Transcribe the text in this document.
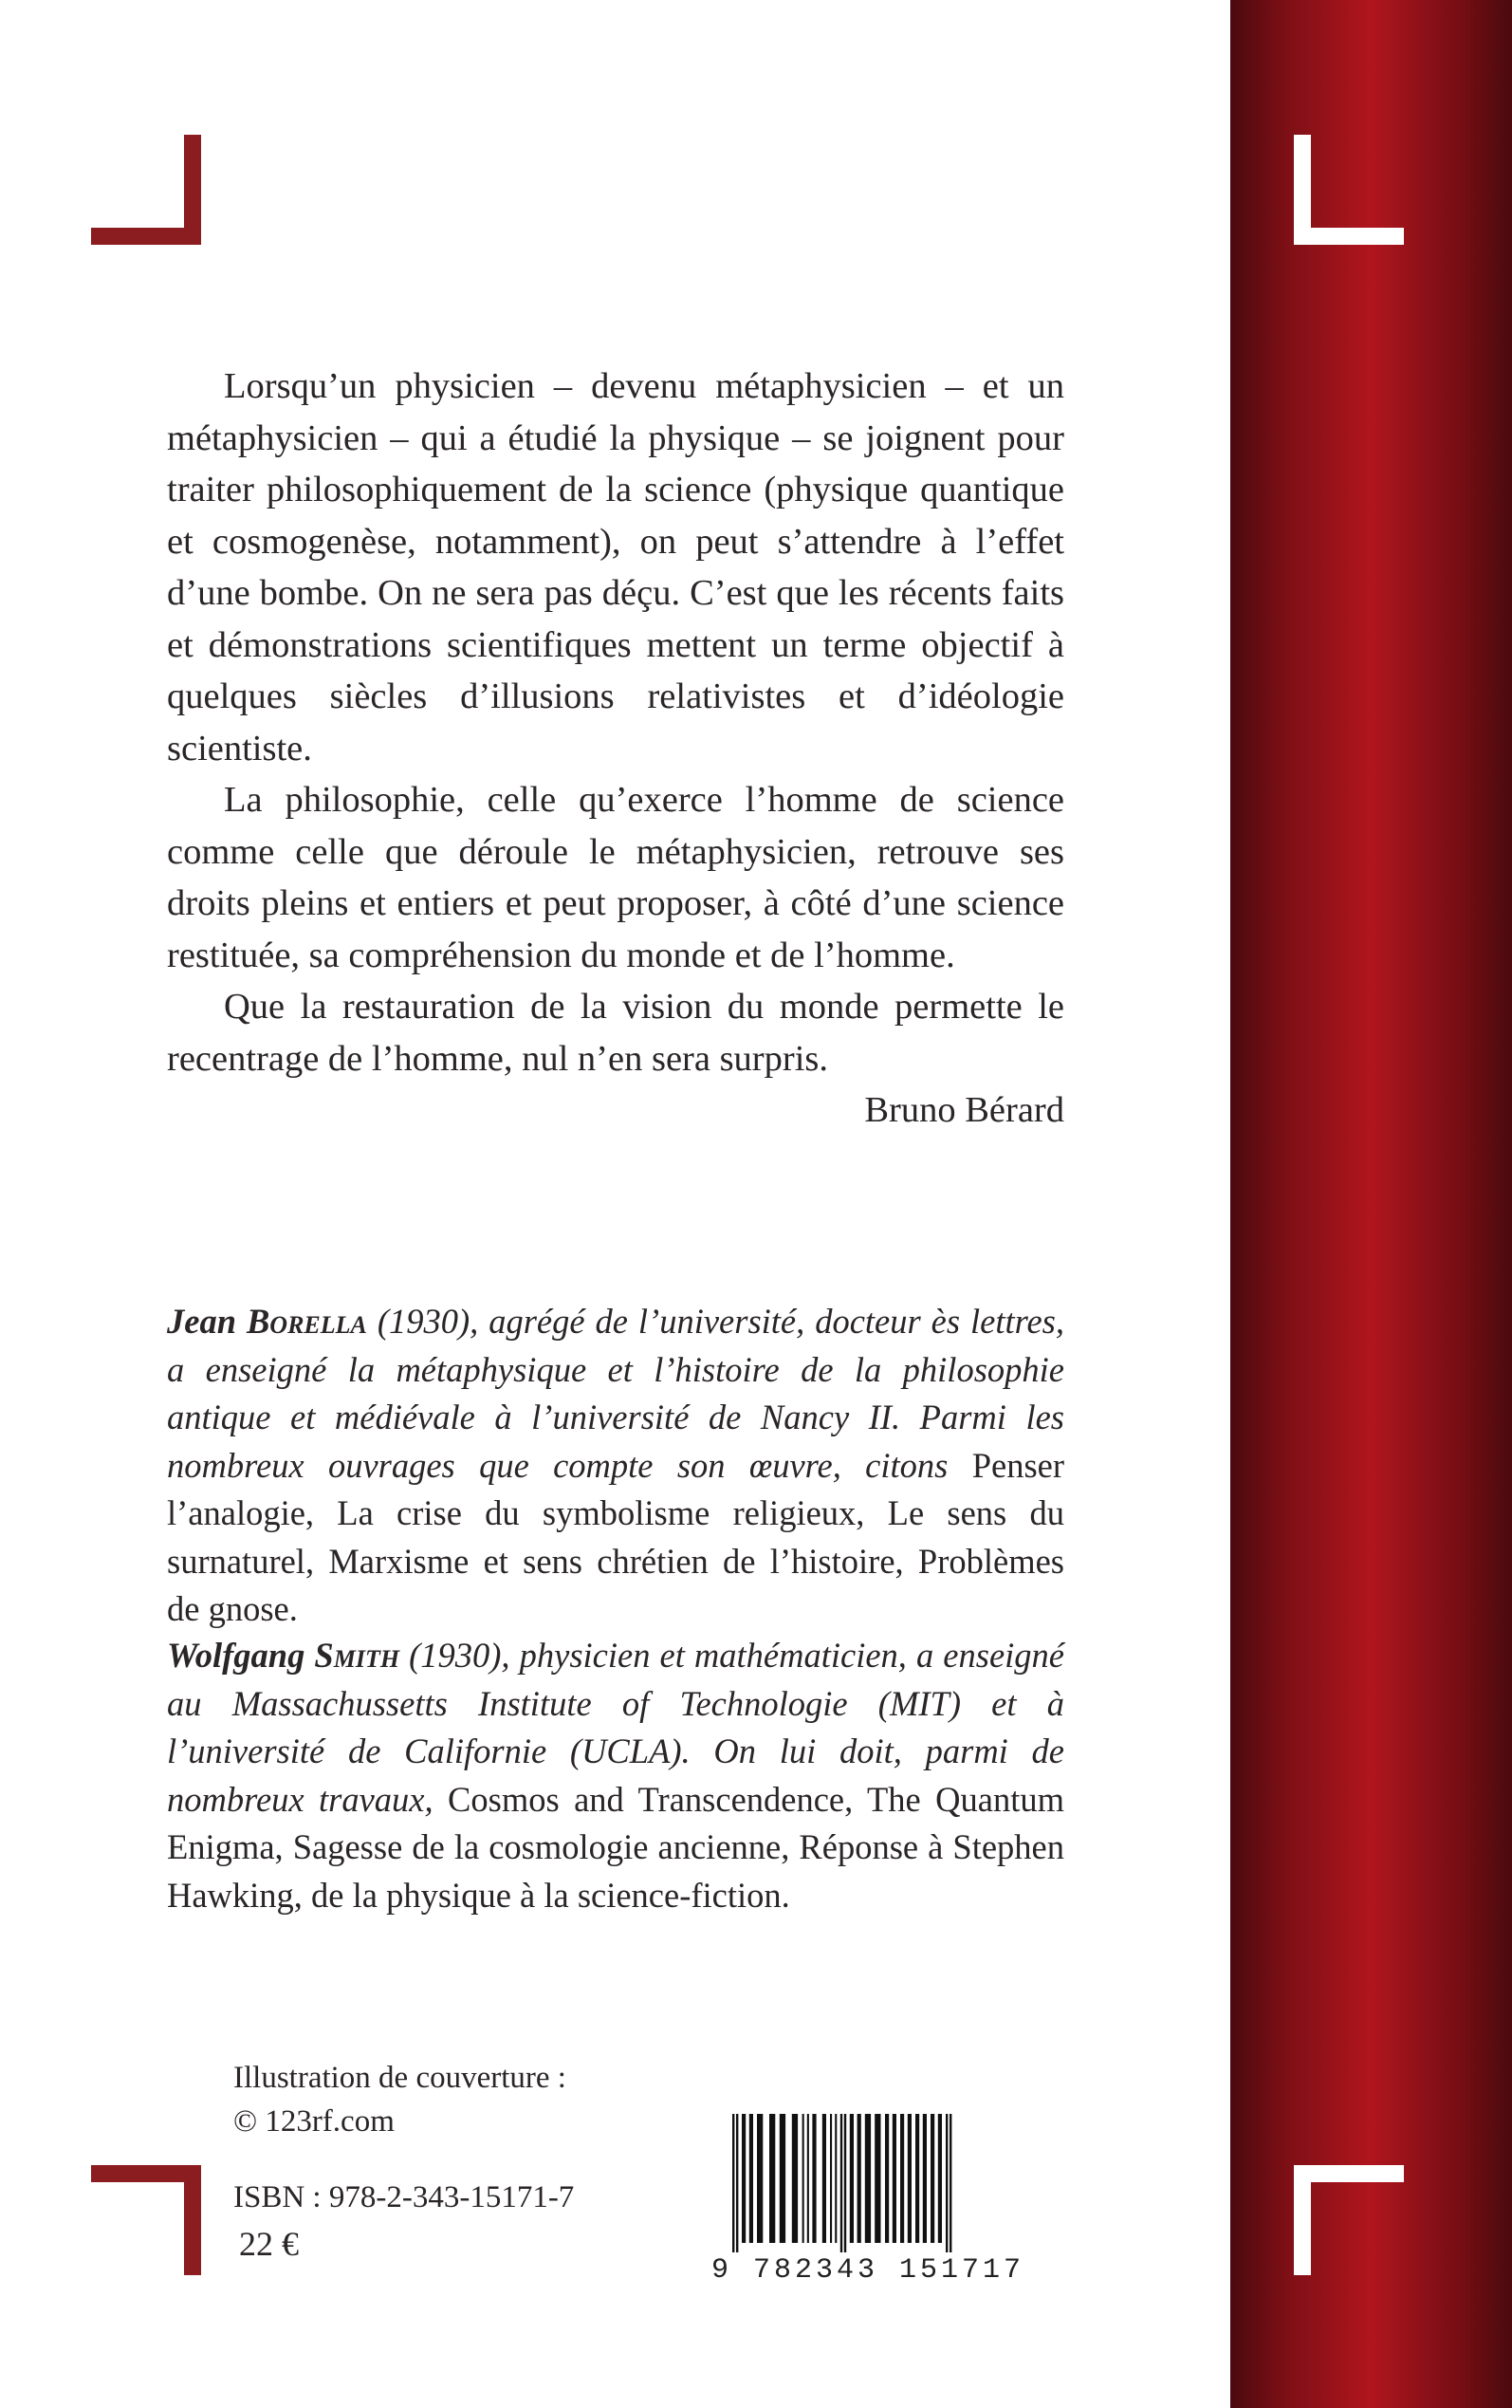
Lorsqu’un physicien – devenu métaphysicien – et un métaphysicien – qui a étudié la physique – se joignent pour traiter philosophiquement de la science (physique quantique et cosmogenèse, notamment), on peut s’attendre à l’effet d’une bombe. On ne sera pas déçu. C’est que les récents faits et démonstrations scientifiques mettent un terme objectif à quelques siècles d’illusions relativistes et d’idéologie scientiste.

La philosophie, celle qu’exerce l’homme de science comme celle que déroule le métaphysicien, retrouve ses droits pleins et entiers et peut proposer, à côté d’une science restituée, sa compréhension du monde et de l’homme.

Que la restauration de la vision du monde permette le recentrage de l’homme, nul n’en sera surpris.

Bruno Bérard

Jean Borella (1930), agrégé de l’université, docteur ès lettres, a enseigné la métaphysique et l’histoire de la philosophie antique et médiévale à l’université de Nancy II. Parmi les nombreux ouvrages que compte son œuvre, citons Penser l’analogie, La crise du symbolisme religieux, Le sens du surnaturel, Marxisme et sens chrétien de l’histoire, Problèmes de gnose.
Wolfgang Smith (1930), physicien et mathématicien, a enseigné au Massachussetts Institute of Technologie (MIT) et à l’université de Californie (UCLA). On lui doit, parmi de nombreux travaux, Cosmos and Transcendence, The Quantum Enigma, Sagesse de la cosmologie ancienne, Réponse à Stephen Hawking, de la physique à la science-fiction.
Illustration de couverture :
© 123rf.com
ISBN : 978-2-343-15171-7
22 €
9 782343 151717
